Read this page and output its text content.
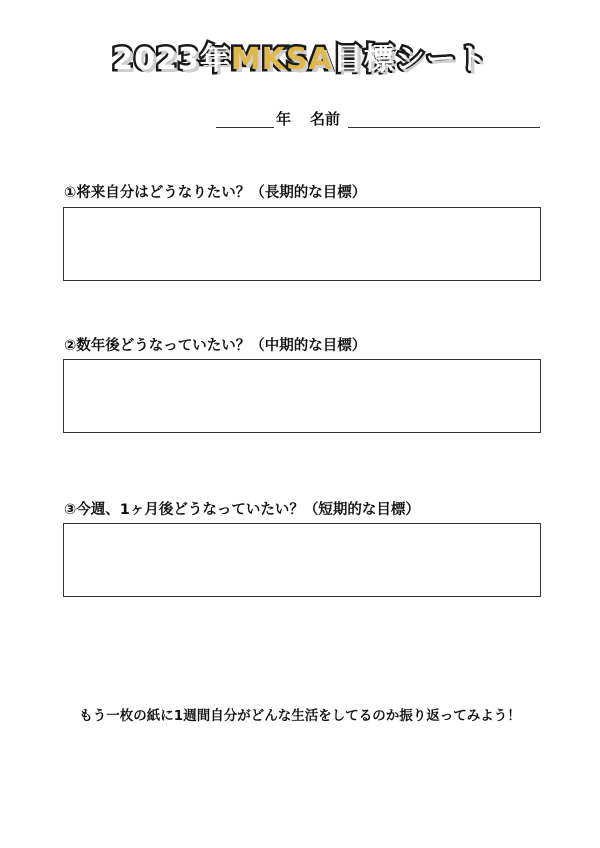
2023年MKSA目標シート
年 名前
①将来自分はどうなりたい？（長期的な目標）
②数年後どうなっていたい？（中期的な目標）
③今週、1ヶ月後どうなっていたい？（短期的な目標）
もう一枚の紙に1週間自分がどんな生活をしてるのか振り返ってみよう！
